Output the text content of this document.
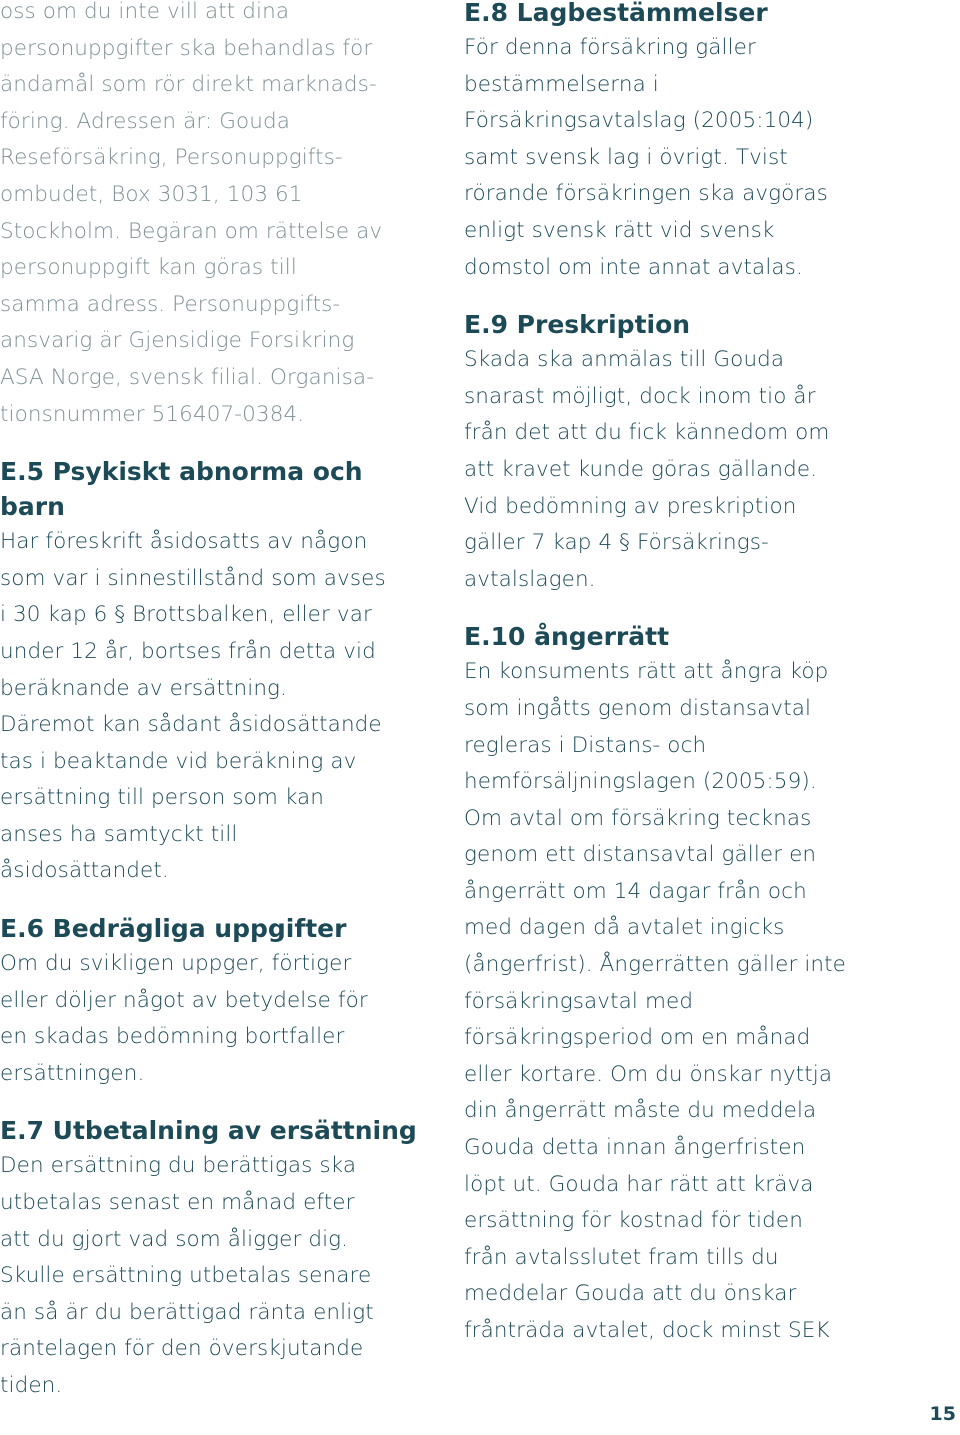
oss om du inte vill att dina
personuppgifter ska behandlas för
ändamål som rör direkt marknads-
föring. Adressen är: Gouda
Reseförsäkring, Personuppgifts-
ombudet, Box 3031, 103 61
Stockholm. Begäran om rättelse av
personuppgift kan göras till
samma adress. Personuppgifts-
ansvarig är Gjensidige Forsikring
ASA Norge, svensk filial. Organisa-
tionsnummer 516407-0384.
E.5 Psykiskt abnorma och
barn
Har föreskrift åsidosatts av någon
som var i sinnestillstånd som avses
i 30 kap 6 § Brottsbalken, eller var
under 12 år, bortses från detta vid
beräknande av ersättning.
Däremot kan sådant åsidosättande
tas i beaktande vid beräkning av
ersättning till person som kan
anses ha samtyckt till
åsidosättandet.
E.6 Bedrägliga uppgifter
Om du svikligen uppger, förtiger
eller döljer något av betydelse för
en skadas bedömning bortfaller
ersättningen.
E.7 Utbetalning av ersättning
Den ersättning du berättigas ska
utbetalas senast en månad efter
att du gjort vad som åligger dig.
Skulle ersättning utbetalas senare
än så är du berättigad ränta enligt
räntelagen för den överskjutande
tiden.
E.8 Lagbestämmelser
För denna försäkring gäller
bestämmelserna i
Försäkringsavtalslag (2005:104)
samt svensk lag i övrigt. Tvist
rörande försäkringen ska avgöras
enligt svensk rätt vid svensk
domstol om inte annat avtalas.
E.9 Preskription
Skada ska anmälas till Gouda
snarast möjligt, dock inom tio år
från det att du fick kännedom om
att kravet kunde göras gällande.
Vid bedömning av preskription
gäller 7 kap 4 § Försäkrings-
avtalslagen.
E.10 ångerrätt
En konsuments rätt att ångra köp
som ingåtts genom distansavtal
regleras i Distans- och
hemförsäljningslagen (2005:59).
Om avtal om försäkring tecknas
genom ett distansavtal gäller en
ångerrätt om 14 dagar från och
med dagen då avtalet ingicks
(ångerfrist). Ångerrätten gäller inte
försäkringsavtal med
försäkringsperiod om en månad
eller kortare. Om du önskar nyttja
din ångerrätt måste du meddela
Gouda detta innan ångerfristen
löpt ut. Gouda har rätt att kräva
ersättning för kostnad för tiden
från avtalsslutet fram tills du
meddelar Gouda att du önskar
frånträda avtalet, dock minst SEK
15
